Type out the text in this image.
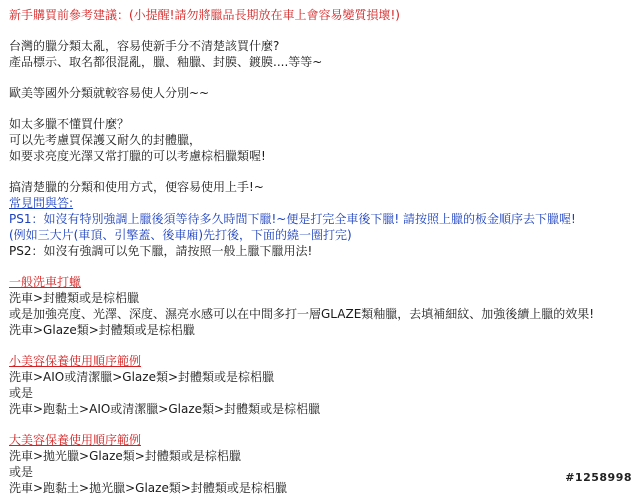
新手購買前參考建議：(小提醒!請勿將臘品長期放在車上會容易變質損壞!)
台灣的臘分類太亂，容易使新手分不清楚該買什麼?
產品標示、取名都很混亂，臘、釉臘、封膜、鍍膜....等等~
歐美等國外分類就較容易使人分別~~
如太多臘不懂買什麼？
可以先考慮買保護又耐久的封體臘，
如要求亮度光澤又常打臘的可以考慮棕梠臘類喔!
搞清楚臘的分類和使用方式，便容易使用上手!~
常見問與答:
PS1：如沒有特別強調上臘後須等待多久時間下臘!~便是打完全車後下臘! 請按照上臘的板金順序去下臘喔!
(例如三大片(車頂、引擎蓋、後車廂)先打後，下面的繞一圈打完)
PS2：如沒有強調可以免下臘，請按照一般上臘下臘用法!
一般洗車打蠟
洗車>封體類或是棕梠臘
或是加強亮度、光澤、深度、濕亮水感可以在中間多打一層GLAZE類釉臘，去填補細紋、加強後續上臘的效果!
洗車>Glaze類>封體類或是棕梠臘
小美容保養使用順序範例
洗車>AIO或清潔臘>Glaze類>封體類或是棕梠臘
或是
洗車>跑黏土>AIO或清潔臘>Glaze類>封體類或是棕梠臘
大美容保養使用順序範例
洗車>拋光臘>Glaze類>封體類或是棕梠臘
或是
洗車>跑黏土>拋光臘>Glaze類>封體類或是棕梠臘
#1258998
